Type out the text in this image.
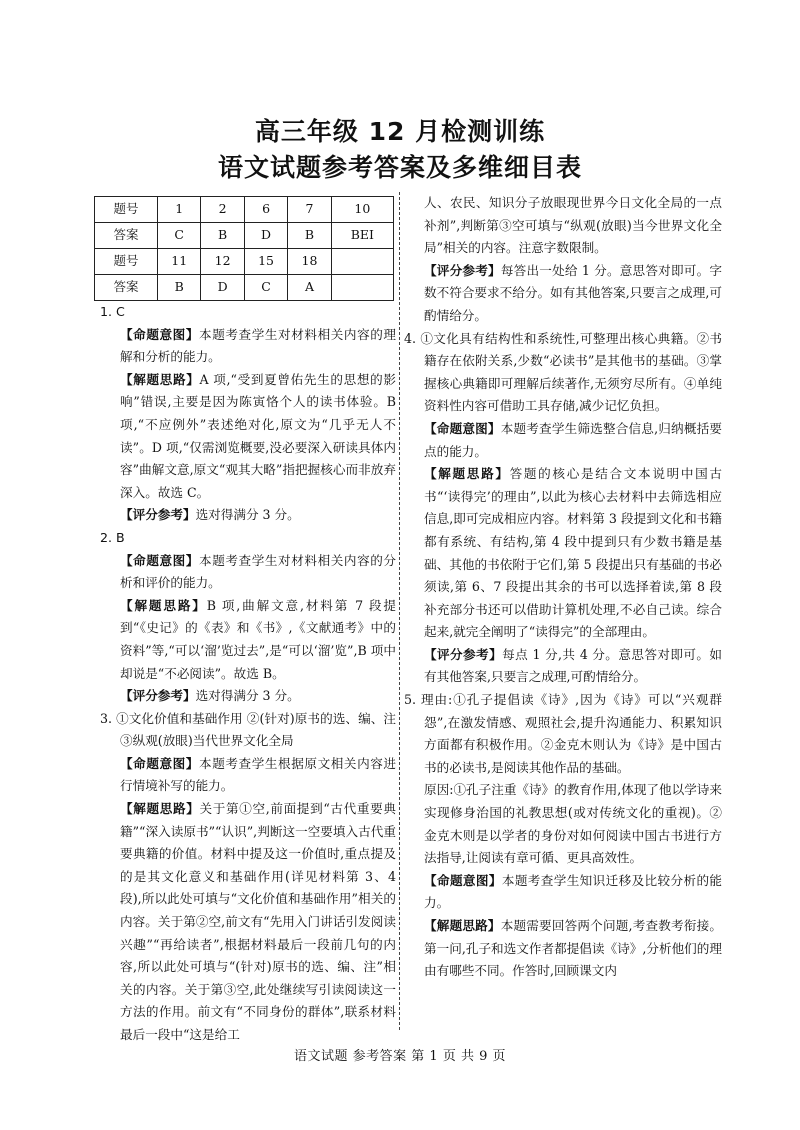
高三年级 12 月检测训练
语文试题参考答案及多维细目表
题号	1	2	6	7	10
答案	C	B	D	B	BEI
题号	11	12	15	18	
答案	B	D	C	A	

1. C

【命题意图】本题考查学生对材料相关内容的理解和分析的能力。

【解题思路】A 项,“受到夏曾佑先生的思想的影响”错误,主要是因为陈寅恪个人的读书体验。B 项,“不应例外”表述绝对化,原文为“几乎无人不读”。D 项,“仅需浏览概要,没必要深入研读具体内容”曲解文意,原文“观其大略”指把握核心而非放弃深入。故选 C。

【评分参考】选对得满分 3 分。

2. B

【命题意图】本题考查学生对材料相关内容的分析和评价的能力。

【解题思路】B 项,曲解文意,材料第 7 段提到“《史记》的《表》和《书》,《文献通考》中的资料”等,“可以‘溜’览过去”,是“可以‘溜’览”,B 项中却说是“不必阅读”。故选 B。

【评分参考】选对得满分 3 分。

3. ①文化价值和基础作用 ②(针对)原书的选、编、注 ③纵观(放眼)当代世界文化全局

【命题意图】本题考查学生根据原文相关内容进行情境补写的能力。

【解题思路】关于第①空,前面提到“古代重要典籍”“深入读原书”“认识”,判断这一空要填入古代重要典籍的价值。材料中提及这一价值时,重点提及的是其文化意义和基础作用(详见材料第 3、4 段),所以此处可填与“文化价值和基础作用”相关的内容。关于第②空,前文有“先用入门讲话引发阅读兴趣”“再给读者”,根据材料最后一段前几句的内容,所以此处可填与“(针对)原书的选、编、注”相关的内容。关于第③空,此处继续写引读阅读这一方法的作用。前文有“不同身份的群体”,联系材料最后一段中“这是给工

人、农民、知识分子放眼现世界今日文化全局的一点补剂”,判断第③空可填与“纵观(放眼)当今世界文化全局”相关的内容。注意字数限制。

【评分参考】每答出一处给 1 分。意思答对即可。字数不符合要求不给分。如有其他答案,只要言之成理,可酌情给分。

4. ①文化具有结构性和系统性,可整理出核心典籍。②书籍存在依附关系,少数“必读书”是其他书的基础。③掌握核心典籍即可理解后续著作,无须穷尽所有。④单纯资料性内容可借助工具存储,减少记忆负担。

【命题意图】本题考查学生筛选整合信息,归纳概括要点的能力。

【解题思路】答题的核心是结合文本说明中国古书“‘读得完’的理由”,以此为核心去材料中去筛选相应信息,即可完成相应内容。材料第 3 段提到文化和书籍都有系统、有结构,第 4 段中提到只有少数书籍是基础、其他的书依附于它们,第 5 段提出只有基础的书必须读,第 6、7 段提出其余的书可以选择着读,第 8 段补充部分书还可以借助计算机处理,不必自己读。综合起来,就完全阐明了“读得完”的全部理由。

【评分参考】每点 1 分,共 4 分。意思答对即可。如有其他答案,只要言之成理,可酌情给分。

5. 理由:①孔子提倡读《诗》,因为《诗》可以“兴观群怨”,在激发情感、观照社会,提升沟通能力、积累知识方面都有积极作用。②金克木则认为《诗》是中国古书的必读书,是阅读其他作品的基础。

原因:①孔子注重《诗》的教育作用,体现了他以学诗来实现修身治国的礼教思想(或对传统文化的重视)。②金克木则是以学者的身份对如何阅读中国古书进行方法指导,让阅读有章可循、更具高效性。

【命题意图】本题考查学生知识迁移及比较分析的能力。

【解题思路】本题需要回答两个问题,考查教考衔接。第一问,孔子和选文作者都提倡读《诗》,分析他们的理由有哪些不同。作答时,回顾课文内

语文试题 参考答案 第 1 页 共 9 页
